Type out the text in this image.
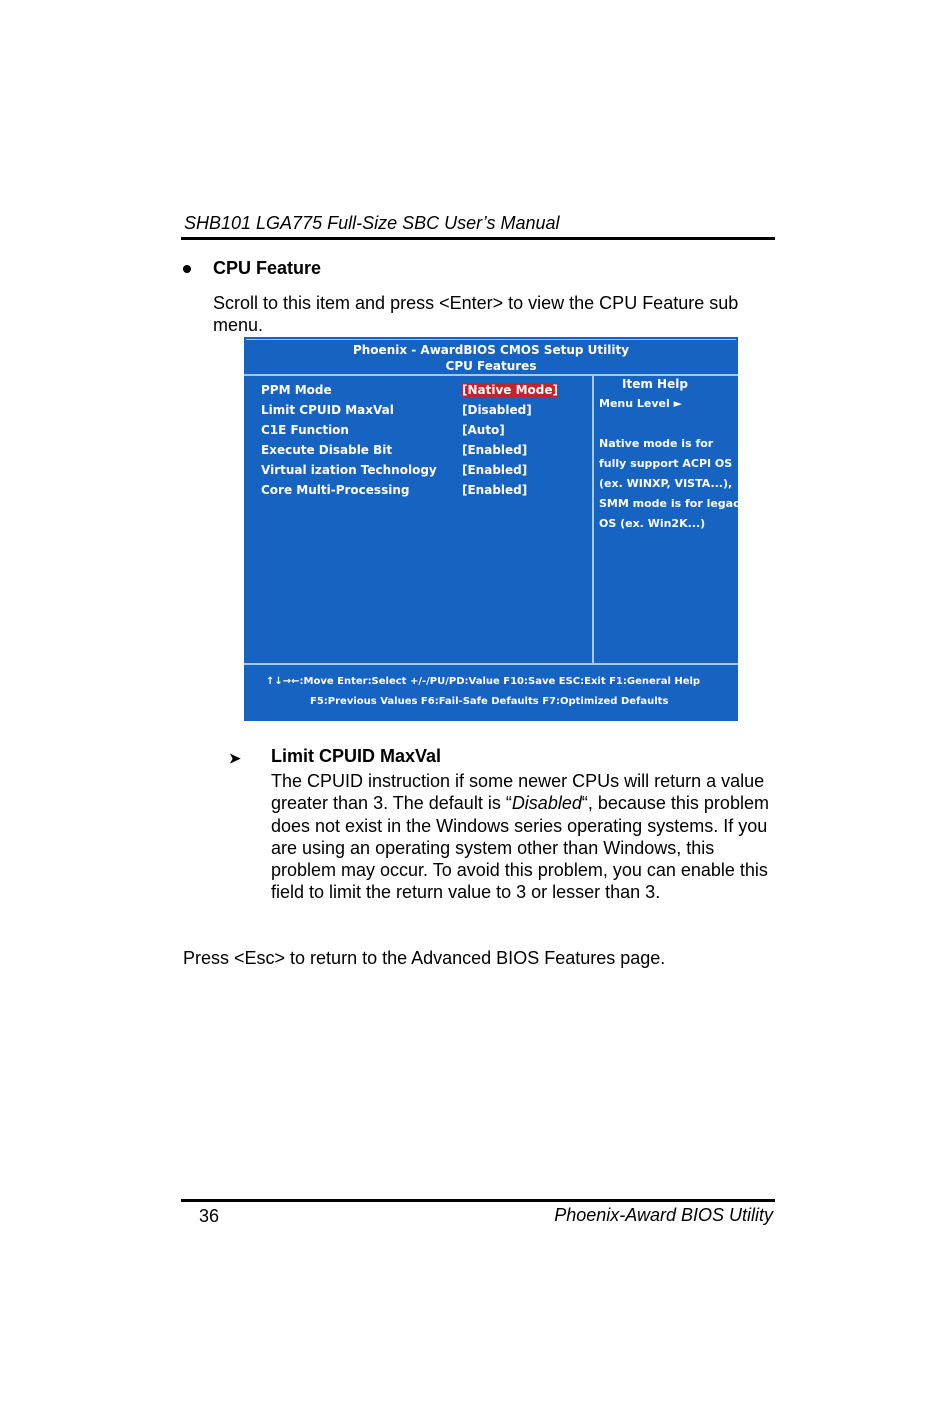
SHB101 LGA775 Full-Size SBC User’s Manual
CPU Feature
Scroll to this item and press <Enter> to view the CPU Feature sub menu.
Phoenix - AwardBIOS CMOS Setup Utility
CPU Features
PPM Mode	[Native Mode]
Limit CPUID MaxVal	[Disabled]
C1E Function	[Auto]
Execute Disable Bit	[Enabled]
Virtual ization Technology [Enabled]
Core Multi-Processing	[Enabled]
Item Help
Menu Level ►
Native mode is for
fully support ACPI OS
(ex. WINXP, VISTA...),
SMM mode is for legacy
OS (ex. Win2K...)
↑↓→←:Move Enter:Select +/-/PU/PD:Value F10:Save ESC:Exit F1:General Help
F5:Previous Values F6:Fail-Safe Defaults F7:Optimized Defaults
➤ Limit CPUID MaxVal
The CPUID instruction if some newer CPUs will return a value greater than 3. The default is “Disabled“, because this problem does not exist in the Windows series operating systems. If you are using an operating system other than Windows, this problem may occur. To avoid this problem, you can enable this field to limit the return value to 3 or lesser than 3.
Press <Esc> to return to the Advanced BIOS Features page.
36	Phoenix-Award BIOS Utility
